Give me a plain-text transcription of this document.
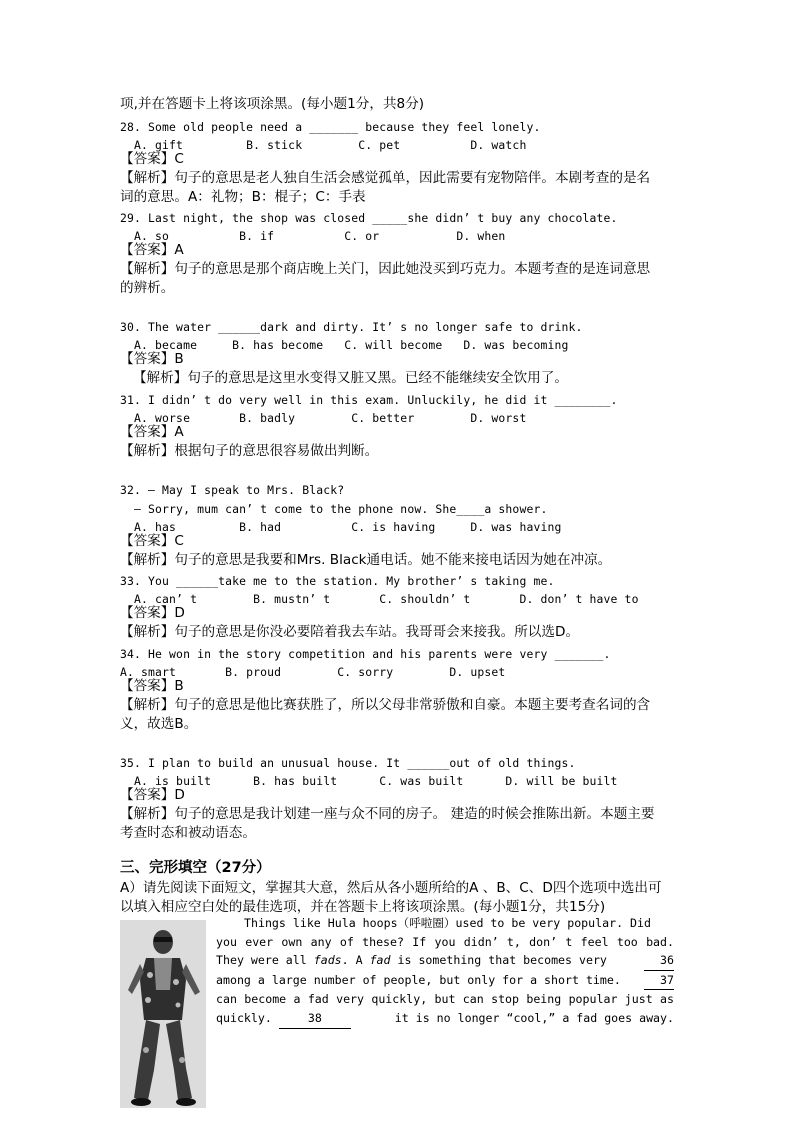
项,并在答题卡上将该项涂黑。(每小题1分，共8分)
28. Some old people need a _______ because they feel lonely.
A. gift         B. stick        C. pet          D. watch
【答案】C
【解析】句子的意思是老人独自生活会感觉孤单，因此需要有宠物陪伴。本剧考查的是名
词的意思。A：礼物；B：棍子；C：手表
29. Last night, the shop was closed _____she didn’ t buy any chocolate.
A. so          B. if          C. or           D. when
【答案】A
【解析】句子的意思是那个商店晚上关门，因此她没买到巧克力。本题考查的是连词意思
的辨析。
30. The water ______dark and dirty. It’ s no longer safe to drink.
A. became     B. has become   C. will become   D. was becoming
【答案】B
【解析】句子的意思是这里水变得又脏又黑。已经不能继续安全饮用了。
31. I didn’ t do very well in this exam. Unluckily, he did it ________.
A. worse       B. badly        C. better        D. worst
【答案】A
【解析】根据句子的意思很容易做出判断。
32. — May I speak to Mrs. Black?
— Sorry, mum can’ t come to the phone now. She____a shower.
A. has         B. had          C. is having     D. was having
【答案】C
【解析】句子的意思是我要和Mrs. Black通电话。她不能来接电话因为她在冲凉。
33. You ______take me to the station. My brother’ s taking me.
A. can’ t        B. mustn’ t       C. shouldn’ t       D. don’ t have to
【答案】D
【解析】句子的意思是你没必要陪着我去车站。我哥哥会来接我。所以选D。
34. He won in the story competition and his parents were very _______.
A. smart       B. proud        C. sorry        D. upset
【答案】B
【解析】句子的意思是他比赛获胜了，所以父母非常骄傲和自豪。本题主要考查名词的含
义，故选B。
35. I plan to build an unusual house. It ______out of old things.
A. is built      B. has built      C. was built      D. will be built
【答案】D
【解析】句子的意思是我计划建一座与众不同的房子。 建造的时候会推陈出新。本题主要
考查时态和被动语态。
三、完形填空（27分）
A）请先阅读下面短文，掌握其大意，然后从各小题所给的A 、B、C、D四个选项中选出可
以填入相应空白处的最佳选项，并在答题卡上将该项涂黑。(每小题1分，共15分)
Things like Hula hoops（呼啦圈）used to be very popular. Did
you ever own any of these? If you didn’ t, don’ t feel too bad.
They were all fads. A fad is something that becomes very	36
among a large number of people, but only for a short time.	37
can become a fad very quickly, but can stop being popular just as
quickly.	38	it is no longer “cool,” a fad goes away.
